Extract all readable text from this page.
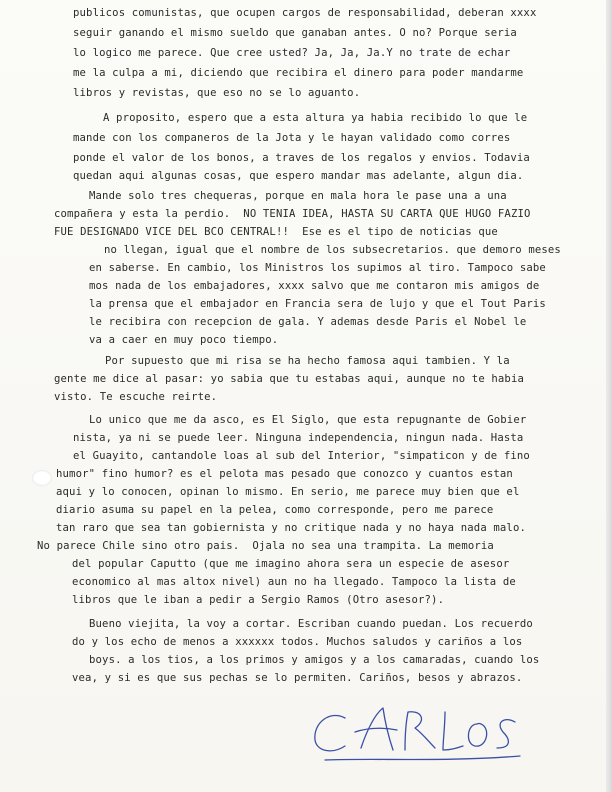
publicos comunistas, que ocupen cargos de responsabilidad, deberan xxxx
seguir ganando el mismo sueldo que ganaban antes. O no? Porque seria
lo logico me parece. Que cree usted? Ja, Ja, Ja.Y no trate de echar
me la culpa a mi, diciendo que recibira el dinero para poder mandarme
libros y revistas, que eso no se lo aguanto.
A proposito, espero que a esta altura ya habia recibido lo que le
mande con los companeros de la Jota y le hayan validado como corres
ponde el valor de los bonos, a traves de los regalos y envios. Todavia
quedan aqui algunas cosas, que espero mandar mas adelante, algun dia.
Mande solo tres chequeras, porque en mala hora le pase una a una
compañera y esta la perdio.  NO TENIA IDEA, HASTA SU CARTA QUE HUGO FAZIO
FUE DESIGNADO VICE DEL BCO CENTRAL!!  Ese es el tipo de noticias que
no llegan, igual que el nombre de los subsecretarios. que demoro meses
en saberse. En cambio, los Ministros los supimos al tiro. Tampoco sabe
mos nada de los embajadores, xxxx salvo que me contaron mis amigos de
la prensa que el embajador en Francia sera de lujo y que el Tout Paris
le recibira con recepcion de gala. Y ademas desde Paris el Nobel le
va a caer en muy poco tiempo.
Por supuesto que mi risa se ha hecho famosa aqui tambien. Y la
gente me dice al pasar: yo sabia que tu estabas aqui, aunque no te habia
visto. Te escuche reirte.
Lo unico que me da asco, es El Siglo, que esta repugnante de Gobier
nista, ya ni se puede leer. Ninguna independencia, ningun nada. Hasta
el Guayito, cantandole loas al sub del Interior, "simpaticon y de fino
humor" fino humor? es el pelota mas pesado que conozco y cuantos estan
aqui y lo conocen, opinan lo mismo. En serio, me parece muy bien que el
diario asuma su papel en la pelea, como corresponde, pero me parece
tan raro que sea tan gobiernista y no critique nada y no haya nada malo.
No parece Chile sino otro pais.  Ojala no sea una trampita. La memoria
del popular Caputto (que me imagino ahora sera un especie de asesor
economico al mas altox nivel) aun no ha llegado. Tampoco la lista de
libros que le iban a pedir a Sergio Ramos (Otro asesor?).
Bueno viejita, la voy a cortar. Escriban cuando puedan. Los recuerdo
do y los echo de menos a xxxxxx todos. Muchos saludos y cariños a los
boys. a los tios, a los primos y amigos y a los camaradas, cuando los
vea, y si es que sus pechas se lo permiten. Cariños, besos y abrazos.
